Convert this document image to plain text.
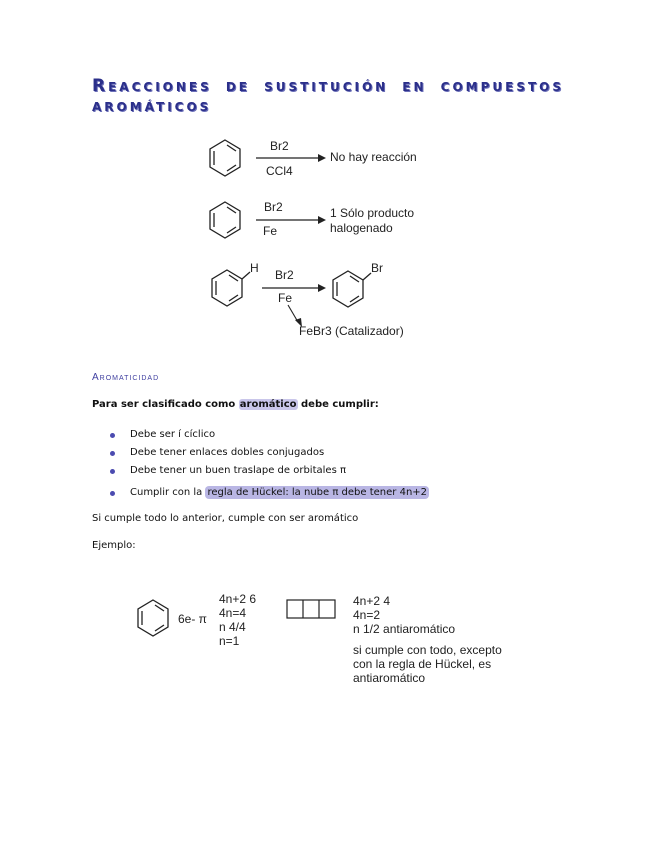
Reacciones de sustitución en compuestos aromáticos
Br2
CCl4
No hay reacción
Br2
Fe
1 Sólo producto
halogenado
H Br2
Fe
Br
FeBr3 (Catalizador)
Aromaticidad
Para ser clasificado como aromático debe cumplir:
Debe ser í cíclico
Debe tener enlaces dobles conjugados
Debe tener un buen traslape de orbitales π
Cumplir con la regla de Hückel: la nube π debe tener 4n+2
Si cumple todo lo anterior, cumple con ser aromático
Ejemplo:
6e- π
4n+2 6
4n=4
n 4/4
n=1
4n+2 4
4n=2
n 1/2 antiaromático
si cumple con todo, excepto
con la regla de Hückel, es
antiaromático
